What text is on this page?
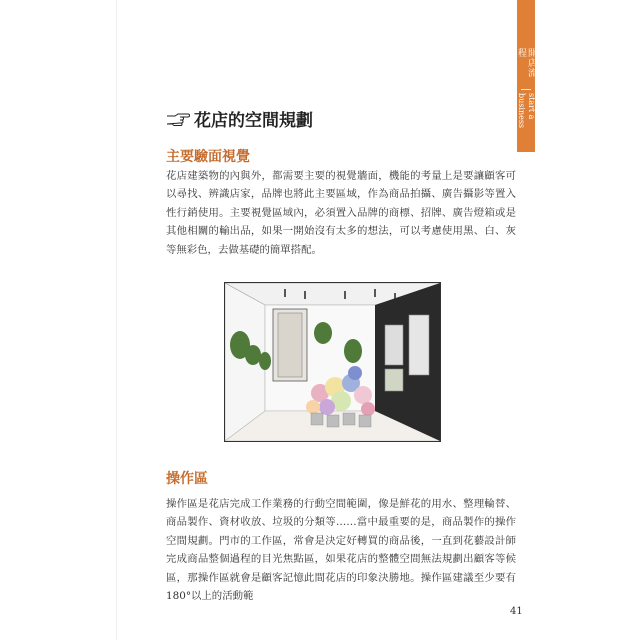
開店流程
start a business
花店的空間規劃
主要驗面視覺

花店建築物的內與外，都需要主要的視覺牆面，機能的考量上是要讓顧客可以尋找、辨識店家，品牌也將此主要區域，作為商品拍攝、廣告攝影等置入性行銷使用。主要視覺區域內，必須置入品牌的商標、招牌、廣告燈箱或是其他相關的輸出品，如果一開始沒有太多的想法，可以考慮使用黑、白、灰等無彩色，去做基礎的簡單搭配。

操作區

操作區是花店完成工作業務的行動空間範圍，像是鮮花的用水、整理輪替、商品製作、資材收放、垃圾的分類等……當中最重要的是，商品製作的操作空間規劃。門市的工作區，常會是決定好轉買的商品後，一直到花藝設計師完成商品整個過程的目光焦點區，如果花店的整體空間無法規劃出顧客等候區，那操作區就會是顧客記憶此間花店的印象決勝地。操作區建議至少要有180°以上的活動範

41
